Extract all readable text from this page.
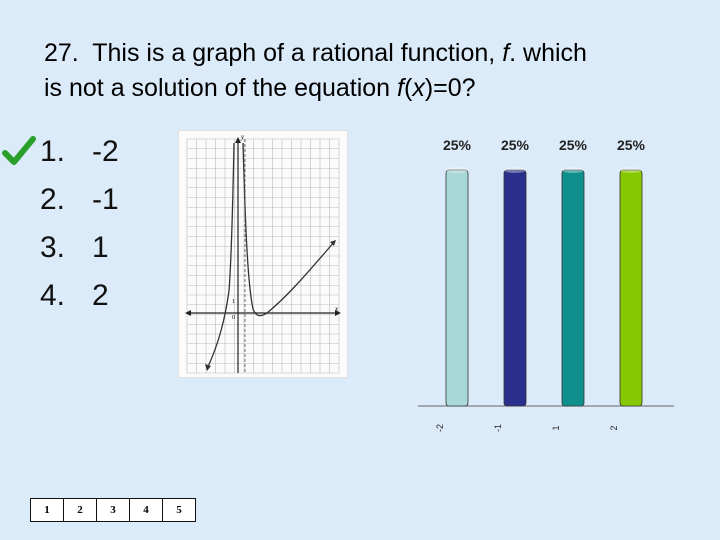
27. This is a graph of a rational function, f. which
is not a solution of the equation f(x)=0?
1. -2
2. -1
3. 1
4. 2	x
y
1
0
25%
-2
25%
-1
25%
1
25%
2
1	2	3	4	5
